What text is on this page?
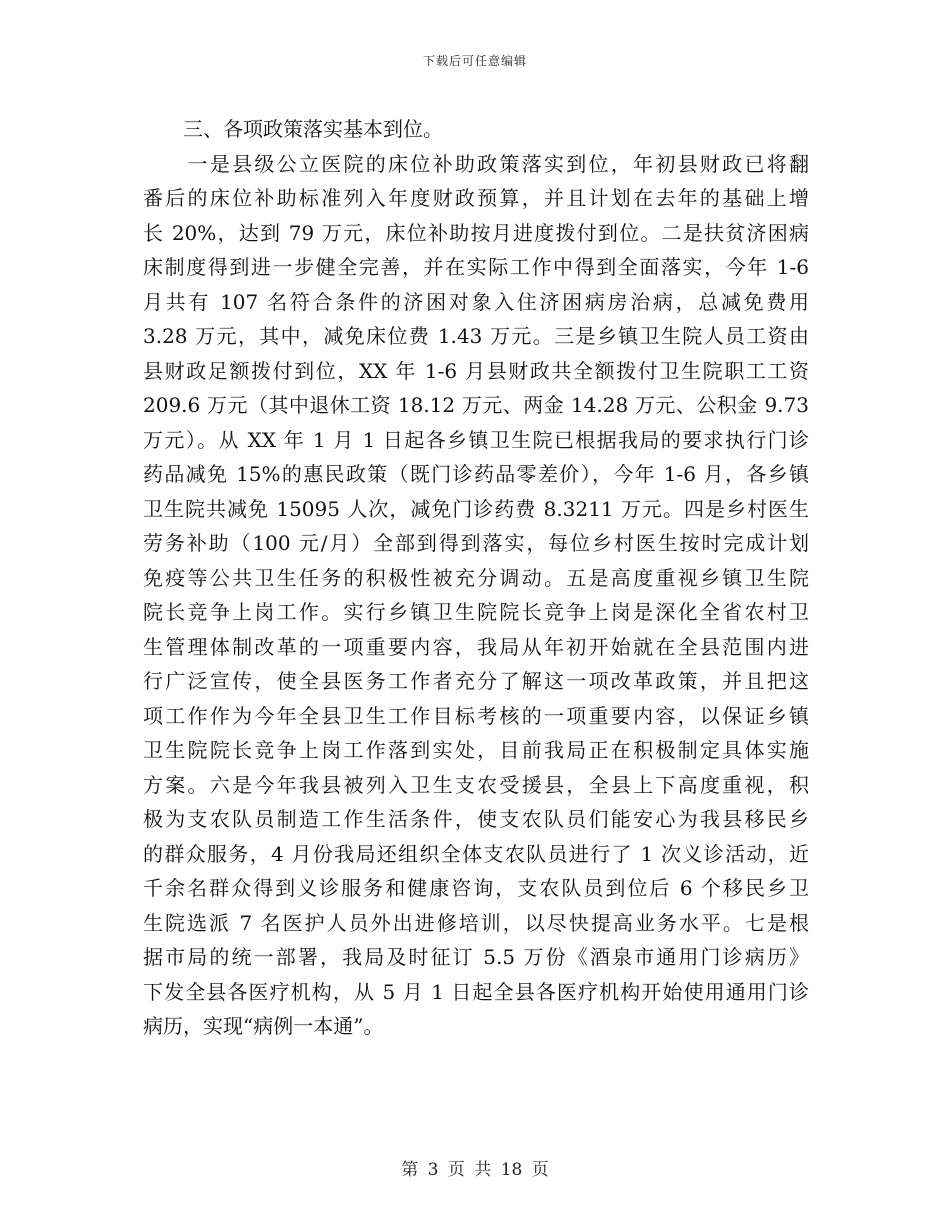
下载后可任意编辑
　　三、各项政策落实基本到位。
　　一是县级公立医院的床位补助政策落实到位，年初县财政已将翻
番后的床位补助标准列入年度财政预算，并且计划在去年的基础上增
长 20%，达到 79 万元，床位补助按月进度拨付到位。二是扶贫济困病
床制度得到进一步健全完善，并在实际工作中得到全面落实，今年 1-6
月共有 107 名符合条件的济困对象入住济困病房治病，总减免费用
3.28 万元，其中，减免床位费 1.43 万元。三是乡镇卫生院人员工资由
县财政足额拨付到位，XX 年 1-6 月县财政共全额拨付卫生院职工工资
209.6 万元（其中退休工资 18.12 万元、两金 14.28 万元、公积金 9.73
万元）。从 XX 年 1 月 1 日起各乡镇卫生院已根据我局的要求执行门诊
药品减免 15%的惠民政策（既门诊药品零差价），今年 1-6 月，各乡镇
卫生院共减免 15095 人次，减免门诊药费 8.3211 万元。四是乡村医生
劳务补助（100 元/月）全部到得到落实，每位乡村医生按时完成计划
免疫等公共卫生任务的积极性被充分调动。五是高度重视乡镇卫生院
院长竞争上岗工作。实行乡镇卫生院院长竞争上岗是深化全省农村卫
生管理体制改革的一项重要内容，我局从年初开始就在全县范围内进
行广泛宣传，使全县医务工作者充分了解这一项改革政策，并且把这
项工作作为今年全县卫生工作目标考核的一项重要内容，以保证乡镇
卫生院院长竞争上岗工作落到实处，目前我局正在积极制定具体实施
方案。六是今年我县被列入卫生支农受援县，全县上下高度重视，积
极为支农队员制造工作生活条件，使支农队员们能安心为我县移民乡
的群众服务，4 月份我局还组织全体支农队员进行了 1 次义诊活动，近
千余名群众得到义诊服务和健康咨询，支农队员到位后 6 个移民乡卫
生院选派 7 名医护人员外出进修培训，以尽快提高业务水平。七是根
据市局的统一部署，我局及时征订 5.5 万份《酒泉市通用门诊病历》
下发全县各医疗机构，从 5 月 1 日起全县各医疗机构开始使用通用门诊
病历，实现“病例一本通”。
第 3 页 共 18 页
